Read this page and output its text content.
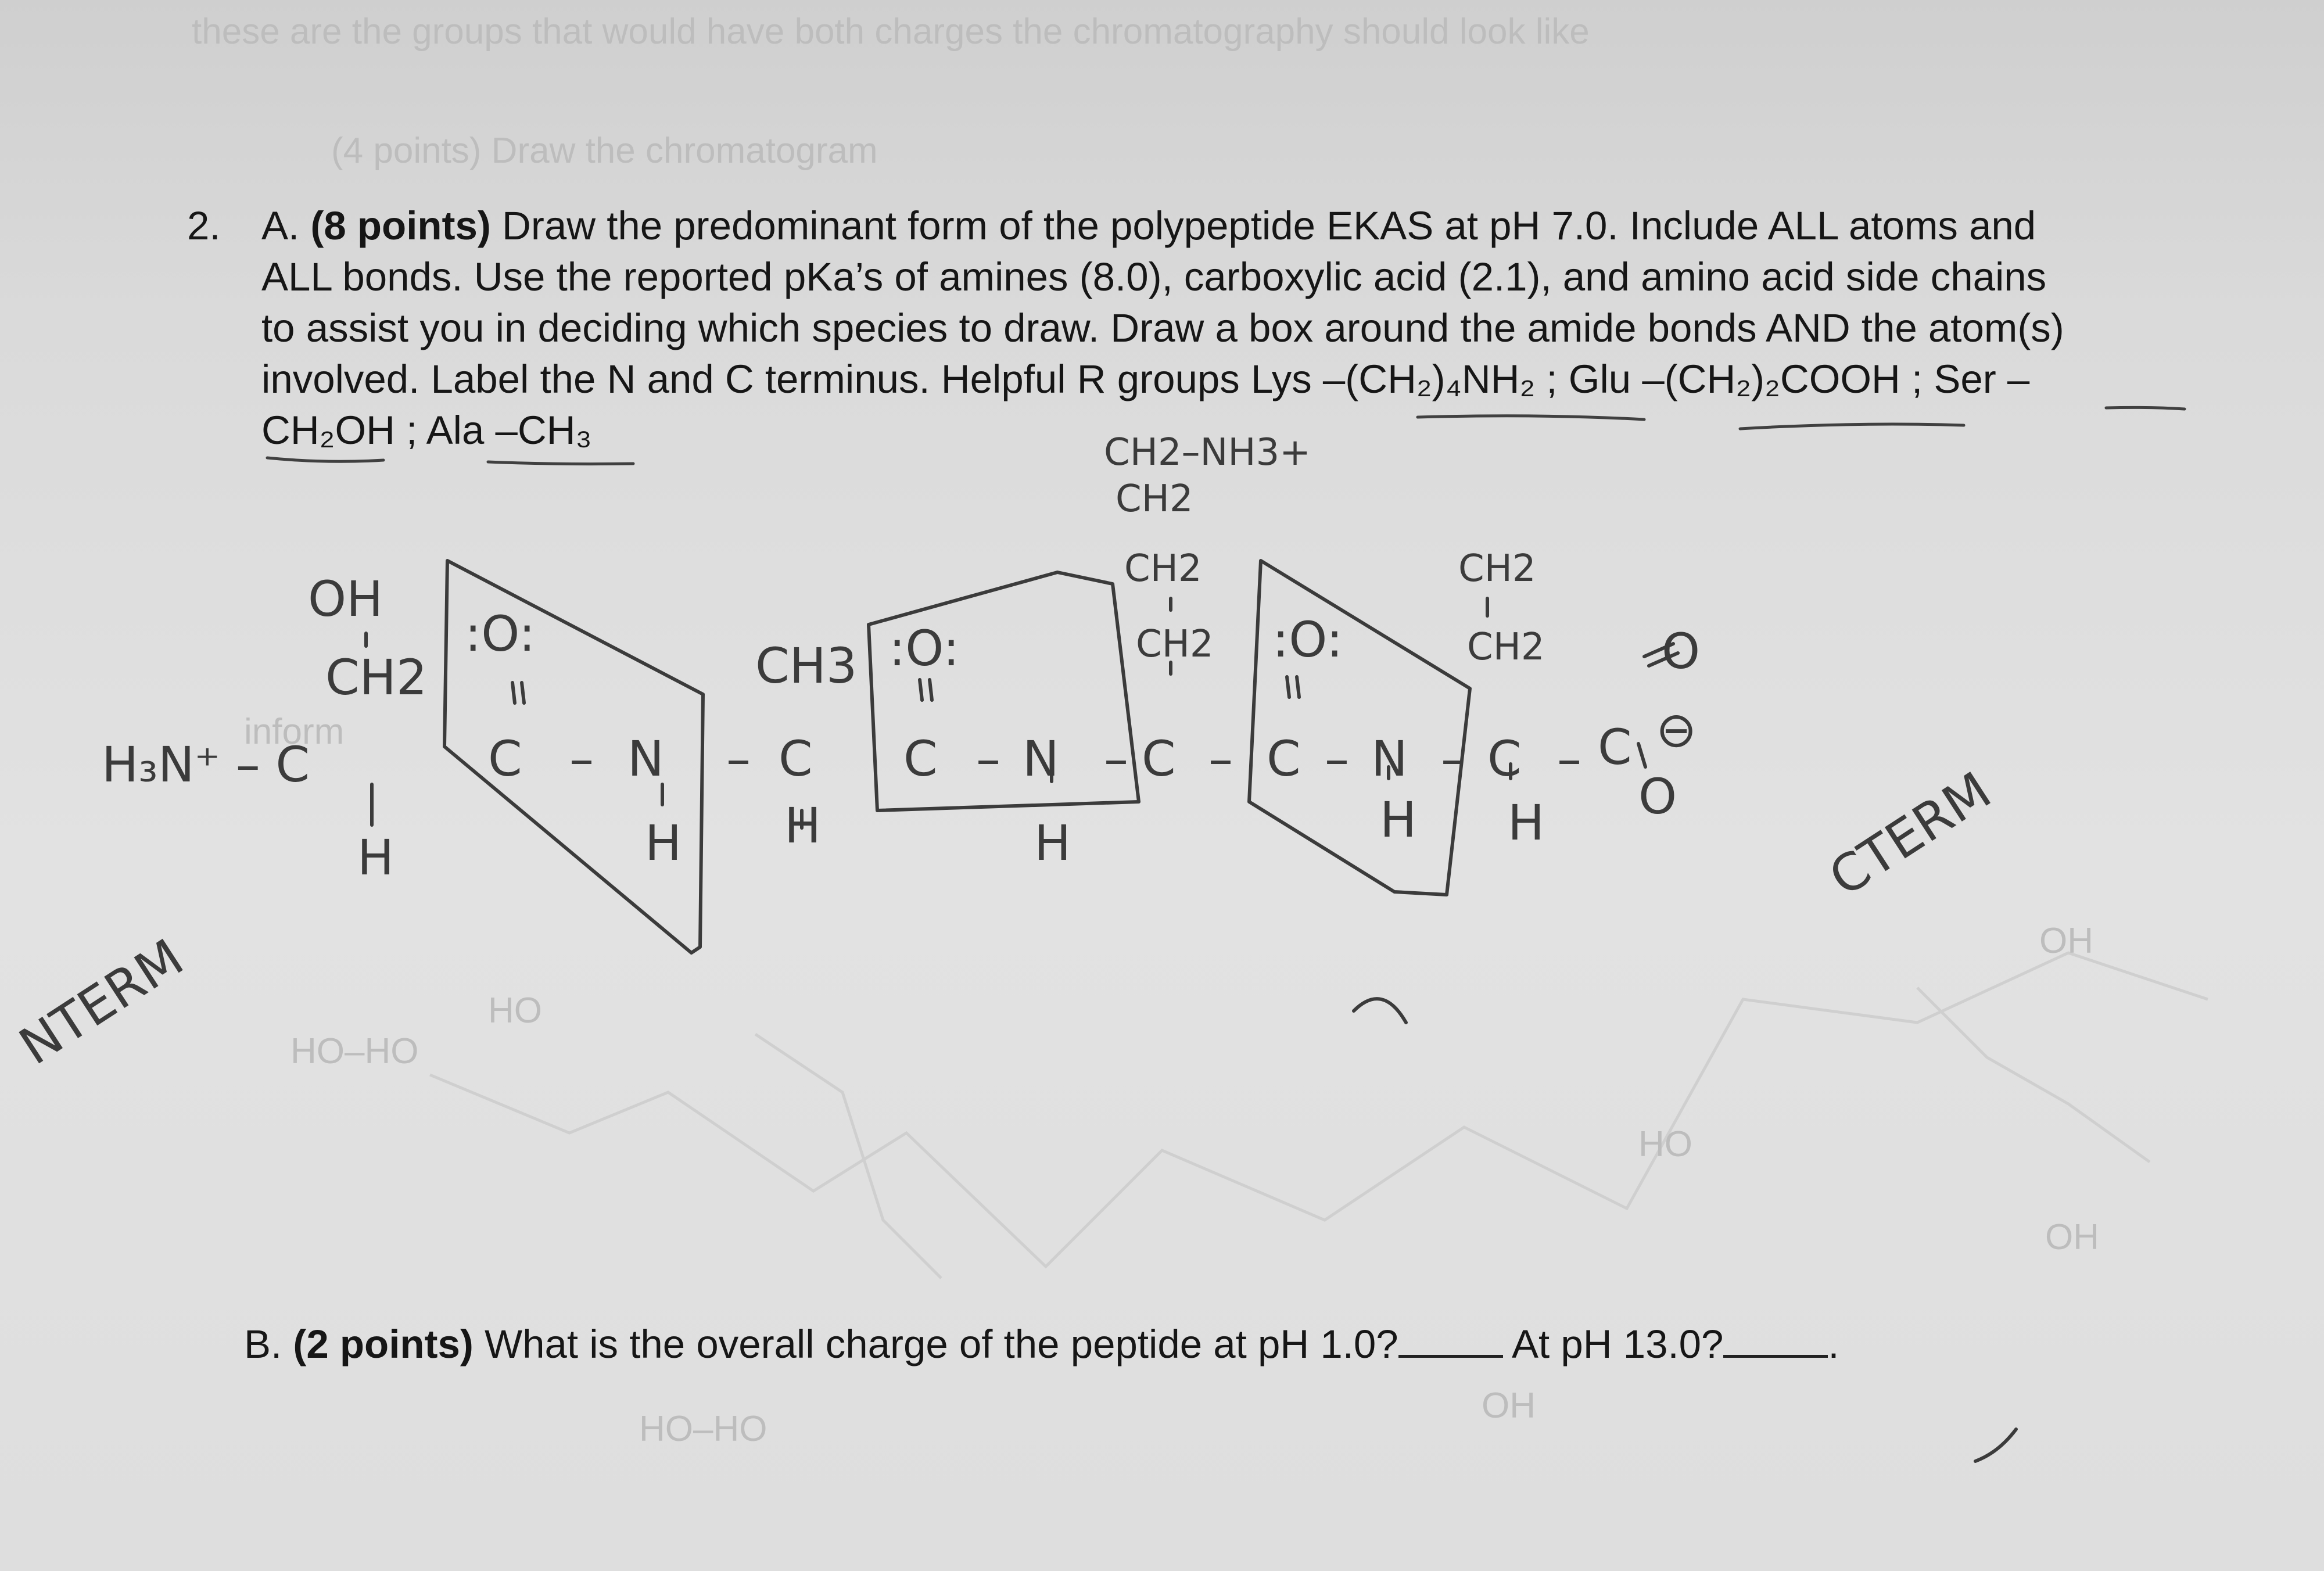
these are the groups that would have both charges the chromatography should look like
(4 points) Draw the chromatogram
inform
HO–HO
HO
HO
OH
OH
HO–HO
OH
2. A. (8 points) Draw the predominant form of the polypeptide EKAS at pH 7.0. Include ALL atoms and
ALL bonds. Use the reported pKa’s of amines (8.0), carboxylic acid (2.1), and amino acid side chains
to assist you in deciding which species to draw. Draw a box around the amide bonds AND the atom(s)
involved. Label the N and C terminus. Helpful R groups Lys –(CH₂)₄NH₂ ; Glu –(CH₂)₂COOH ; Ser –
CH₂OH ; Ala –CH₃
H₃N⁺ – C
OH
CH2
H
:O:
C – N
H
CH3
– C
H
:O:
C – N
H
– C –
:O:
C – N
H
– C
H
– C
O
O
⊖
CH2–NH3+
CH2
CH2
CH2
CH2
CH2
NTERM
CTERM
B. (2 points) What is the overall charge of the peptide at pH 1.0?	At pH 13.0?	.
